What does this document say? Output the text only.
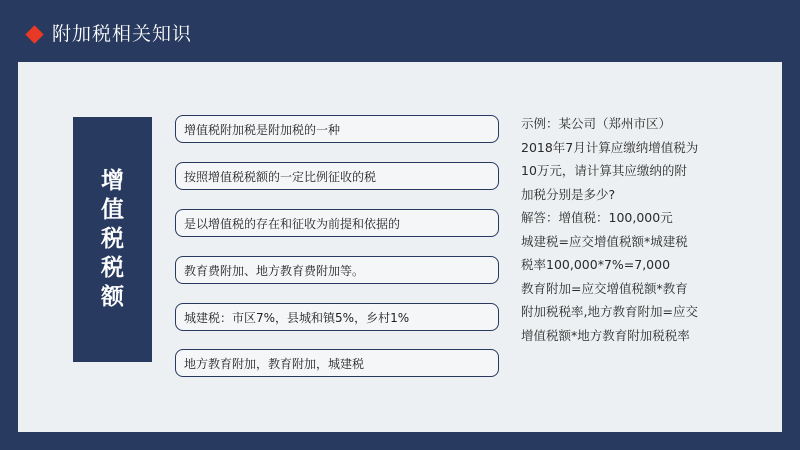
附加税相关知识
增值税税额
增值税附加税是附加税的一种
按照增值税税额的一定比例征收的税
是以增值税的存在和征收为前提和依据的
教育费附加、地方教育费附加等。
城建税：市区7%，县城和镇5%，乡村1%
地方教育附加，教育附加，城建税

示例：某公司（郑州市区）

2018年7月计算应缴纳增值税为

10万元，请计算其应缴纳的附

加税分别是多少?

解答：增值税：100,000元

城建税=应交增值税额*城建税

税率100,000*7%=7,000

教育附加=应交增值税额*教育

附加税税率,地方教育附加=应交

增值税额*地方教育附加税税率
